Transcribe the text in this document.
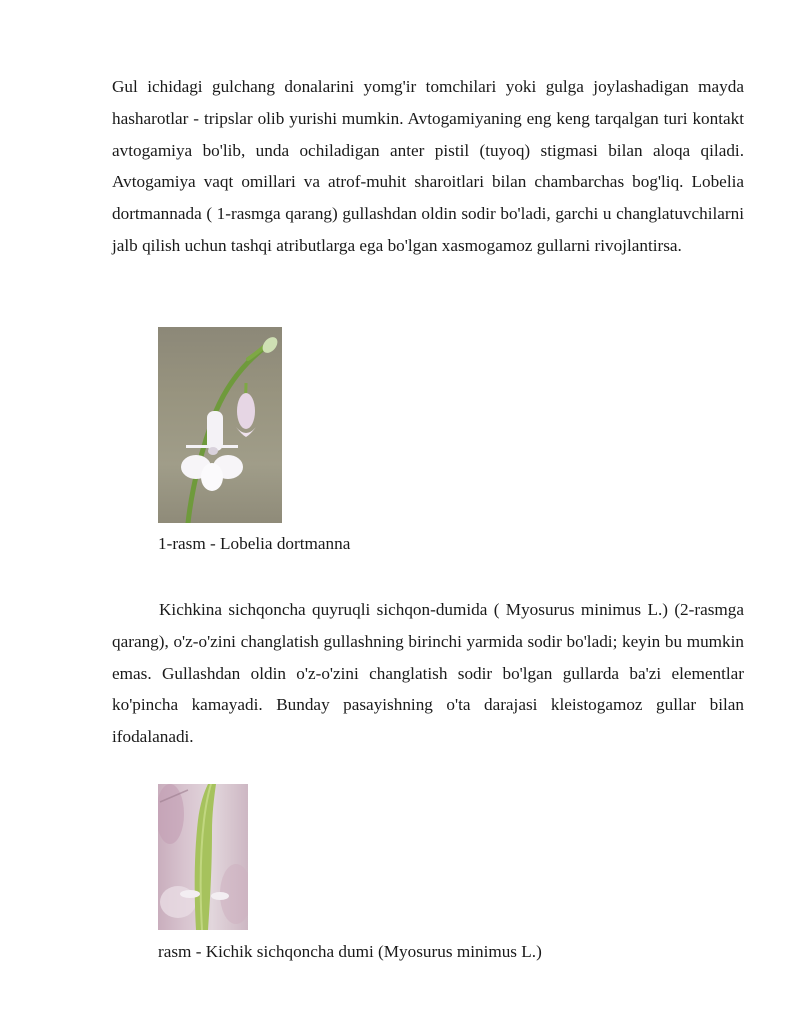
Gul ichidagi gulchang donalarini yomg'ir tomchilari yoki gulga joylashadigan mayda hasharotlar - tripslar olib yurishi mumkin. Avtogamiyaning eng keng tarqalgan turi kontakt avtogamiya bo'lib, unda ochiladigan anter pistil (tuyoq) stigmasi bilan aloqa qiladi. Avtogamiya vaqt omillari va atrof-muhit sharoitlari bilan chambarchas bog'liq. Lobelia dortmannada ( 1-rasmga qarang) gullashdan oldin sodir bo'ladi, garchi u changlatuvchilarni jalb qilish uchun tashqi atributlarga ega bo'lgan xasmogamoz gullarni rivojlantirsa.

1-rasm - Lobelia dortmanna

Kichkina sichqoncha quyruqli sichqon-dumida ( Myosurus minimus L.) (2-rasmga qarang), o'z-o'zini changlatish gullashning birinchi yarmida sodir bo'ladi; keyin bu mumkin emas. Gullashdan oldin o'z-o'zini changlatish sodir bo'lgan gullarda ba'zi elementlar ko'pincha kamayadi. Bunday pasayishning o'ta darajasi kleistogamoz gullar bilan ifodalanadi.

rasm - Kichik sichqoncha dumi (Myosurus minimus L.)
